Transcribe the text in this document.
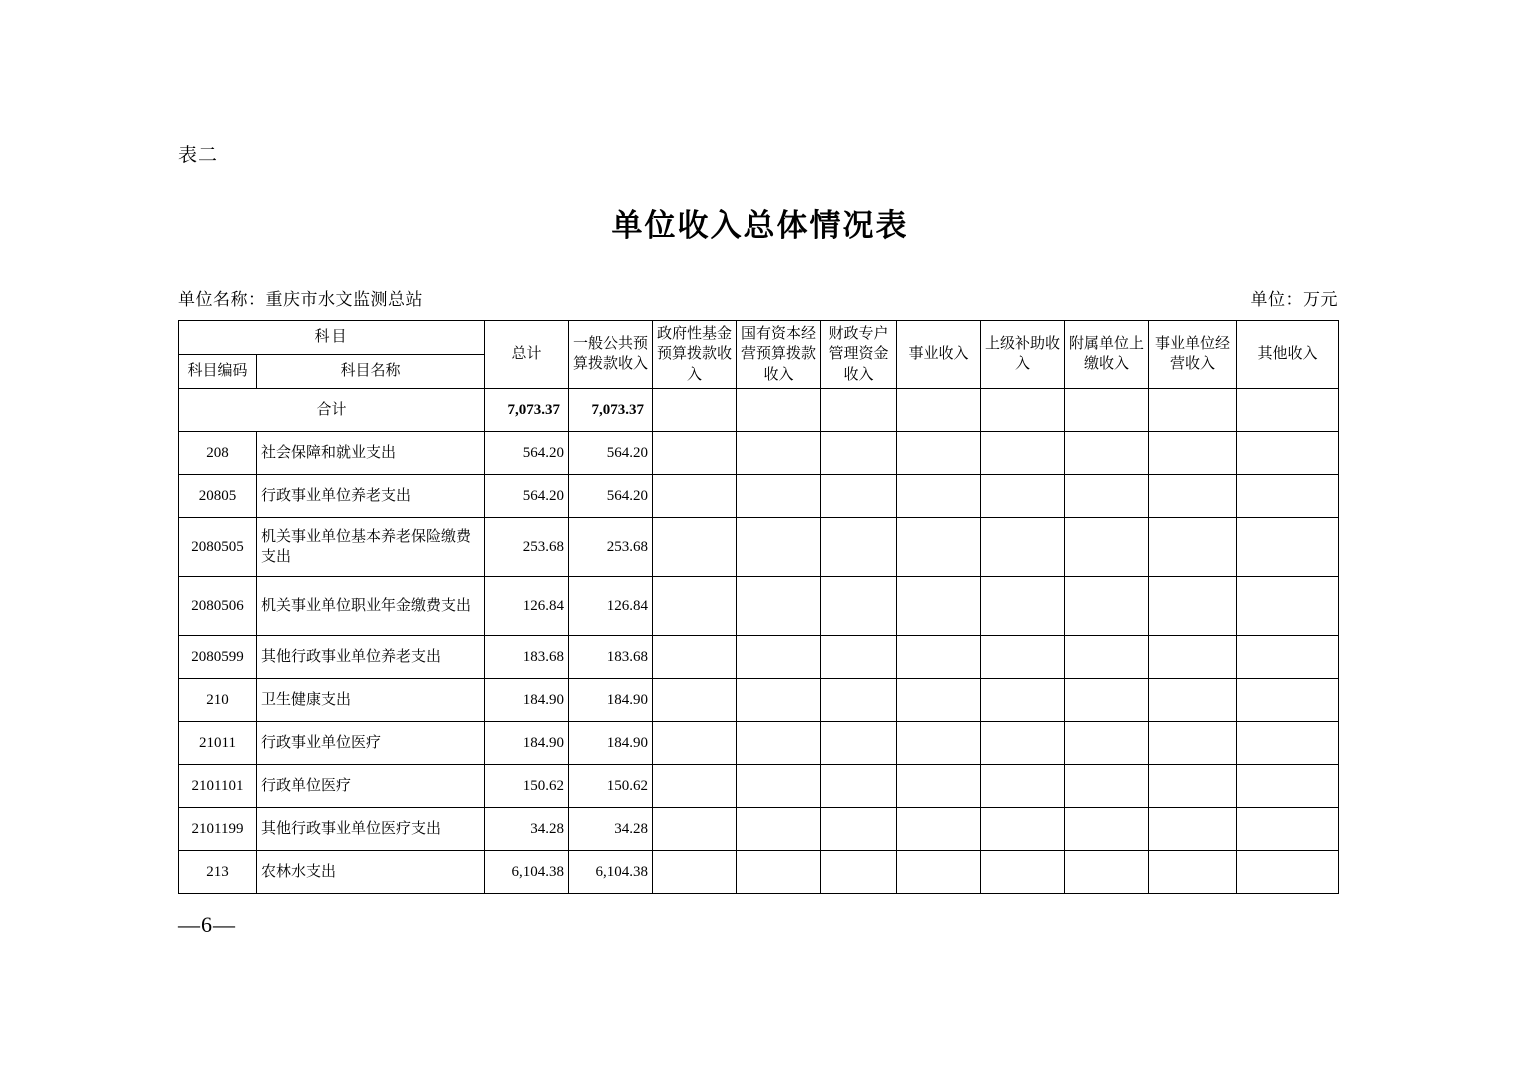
表二
单位收入总体情况表
单位名称：重庆市水文监测总站	单位：万元
科目		总计	一般公共预算拨款收入	政府性基金预算拨款收入	国有资本经营预算拨款收入	财政专户管理资金收入	事业收入	上级补助收入	附属单位上缴收入	事业单位经营收入	其他收入
科目编码	科目名称										
合计		7,073.37	7,073.37								
208	社会保障和就业支出	564.20	564.20								
20805	行政事业单位养老支出	564.20	564.20								
2080505	机关事业单位基本养老保险缴费支出	253.68	253.68								
2080506	机关事业单位职业年金缴费支出	126.84	126.84								
2080599	其他行政事业单位养老支出	183.68	183.68								
210	卫生健康支出	184.90	184.90								
21011	行政事业单位医疗	184.90	184.90								
2101101	行政单位医疗	150.62	150.62								
2101199	其他行政事业单位医疗支出	34.28	34.28								
213	农林水支出	6,104.38	6,104.38								
—6—
